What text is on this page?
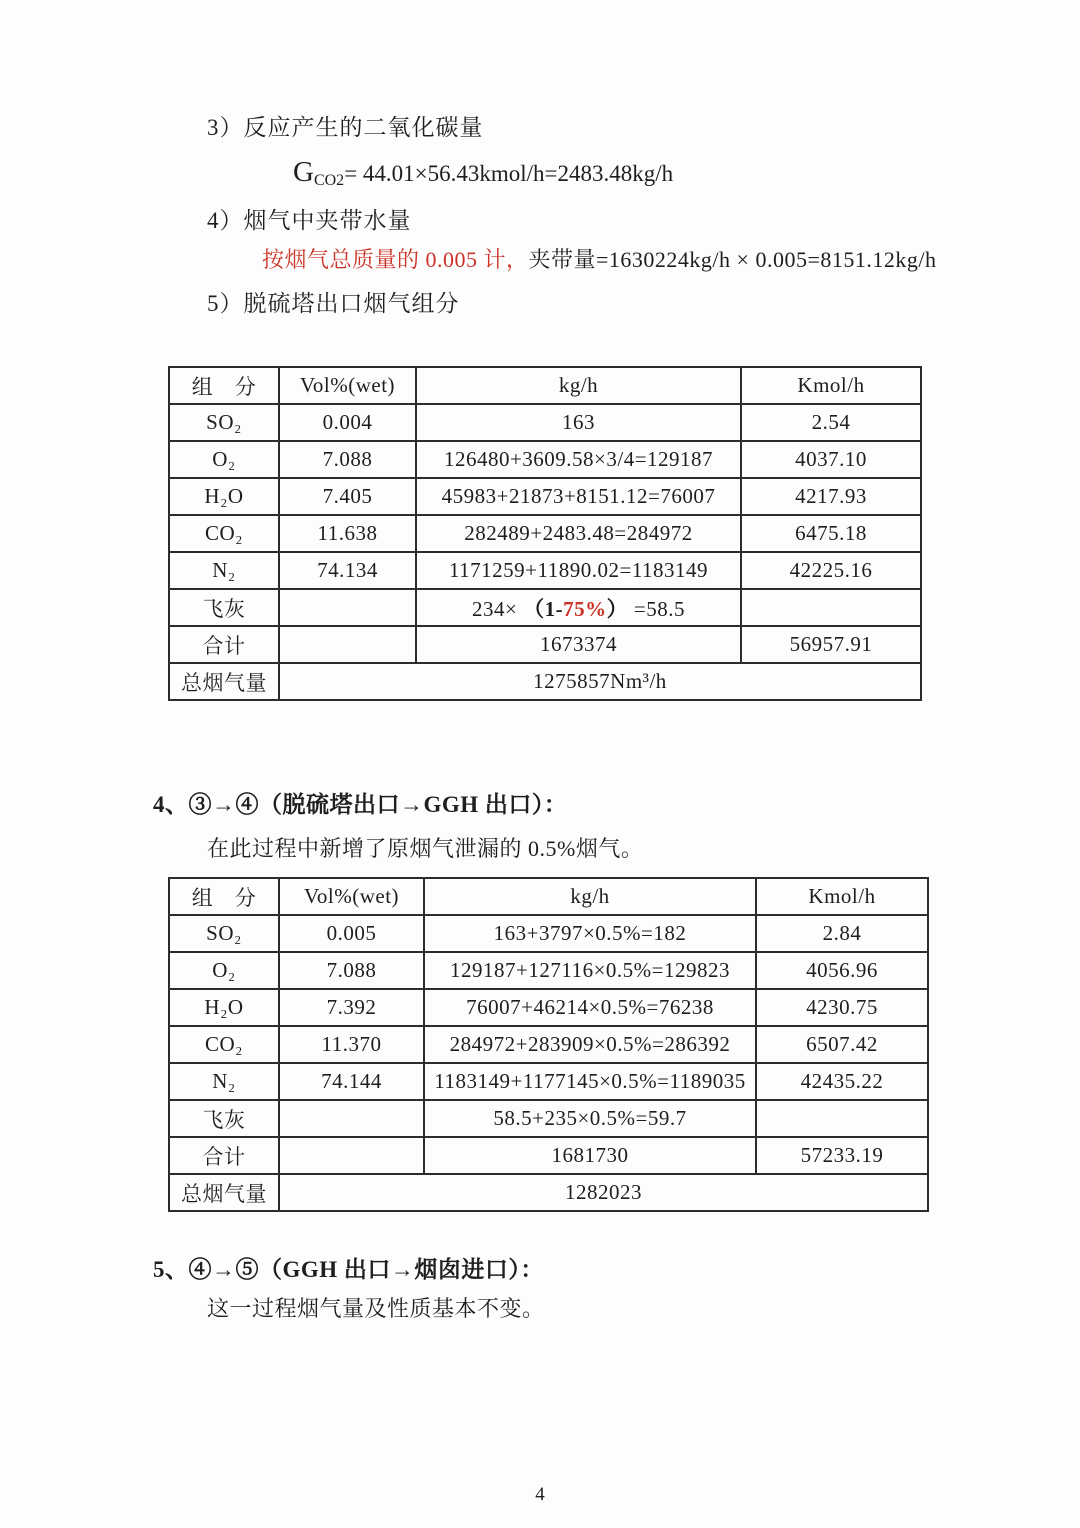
3）反应产生的二氧化碳量
$G_{CO2}=$ 44.01×56.43kmol/h=2483.48kg/h
4）烟气中夹带水量
按烟气总质量的 0.005 计，夹带量=1630224kg/h × 0.005=8151.12kg/h
5）脱硫塔出口烟气组分
组　分	Vol%(wet)	kg/h	Kmol/h
SO₂	0.004	163	2.54
O₂	7.088	126480+3609.58×3/4=129187	4037.10
H₂O	7.405	45983+21873+8151.12=76007	4217.93
CO₂	11.638	282489+2483.48=284972	6475.18
N₂	74.134	1171259+11890.02=1183149	42225.16
飞灰		234× （1-75%） =58.5	
合计		1673374	56957.91
总烟气量	1275857Nm³/h		
4、③→④（脱硫塔出口→GGH 出口）：
在此过程中新增了原烟气泄漏的 0.5%烟气。
组　分	Vol%(wet)	kg/h	Kmol/h
SO₂	0.005	163+3797×0.5%=182	2.84
O₂	7.088	129187+127116×0.5%=129823	4056.96
H₂O	7.392	76007+46214×0.5%=76238	4230.75
CO₂	11.370	284972+283909×0.5%=286392	6507.42
N₂	74.144	1183149+1177145×0.5%=1189035	42435.22
飞灰		58.5+235×0.5%=59.7	
合计		1681730	57233.19
总烟气量	1282023		
5、④→⑤（GGH 出口→烟囱进口）：
这一过程烟气量及性质基本不变。
4
